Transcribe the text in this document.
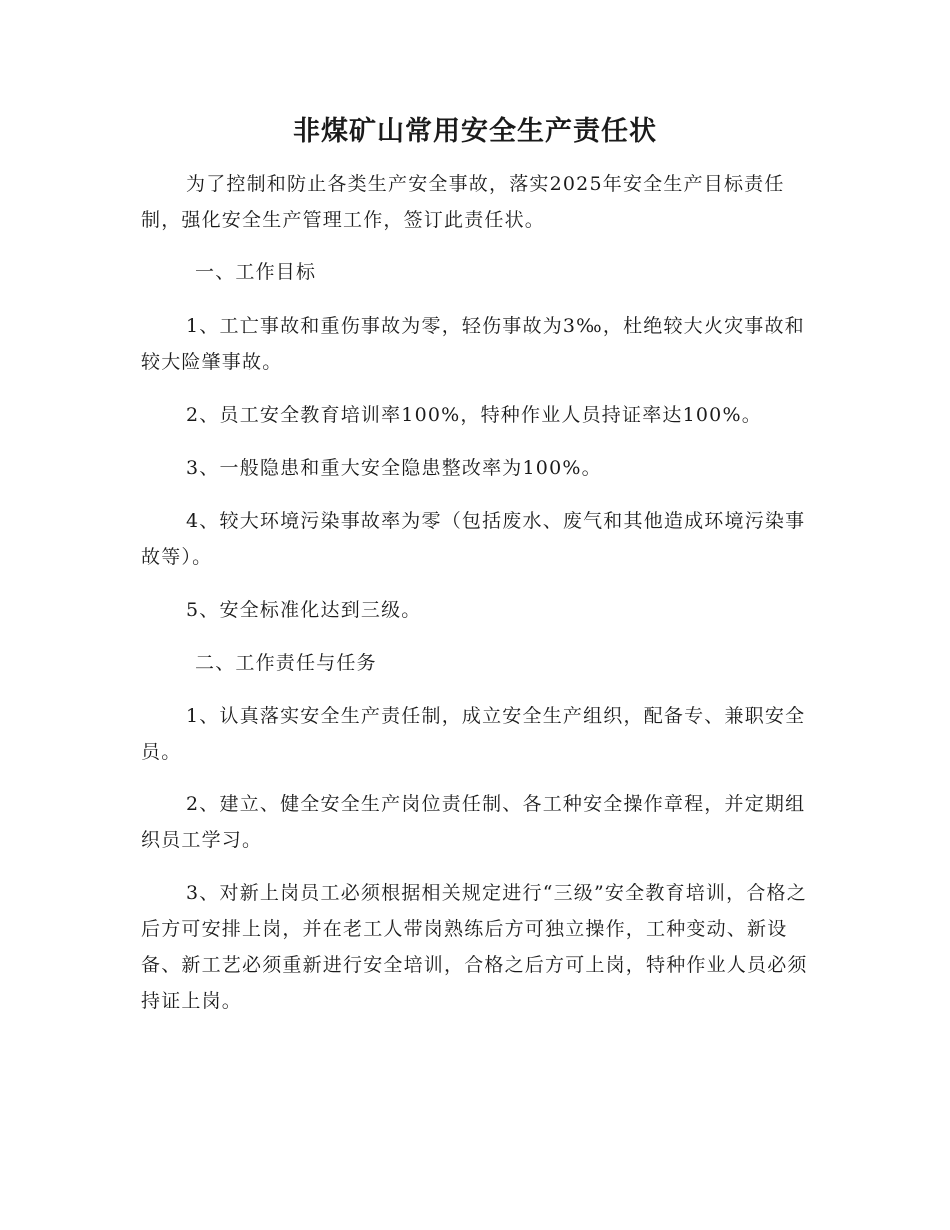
非煤矿山常用安全生产责任状

为了控制和防止各类生产安全事故，落实2025年安全生产目标责任制，强化安全生产管理工作，签订此责任状。

一、工作目标

1、工亡事故和重伤事故为零，轻伤事故为3‰，杜绝较大火灾事故和较大险肇事故。

2、员工安全教育培训率100%，特种作业人员持证率达100%。

3、一般隐患和重大安全隐患整改率为100%。

4、较大环境污染事故率为零（包括废水、废气和其他造成环境污染事故等）。

5、安全标准化达到三级。

二、工作责任与任务

1、认真落实安全生产责任制，成立安全生产组织，配备专、兼职安全员。

2、建立、健全安全生产岗位责任制、各工种安全操作章程，并定期组织员工学习。

3、对新上岗员工必须根据相关规定进行“三级”安全教育培训，合格之后方可安排上岗，并在老工人带岗熟练后方可独立操作，工种变动、新设备、新工艺必须重新进行安全培训，合格之后方可上岗，特种作业人员必须持证上岗。
